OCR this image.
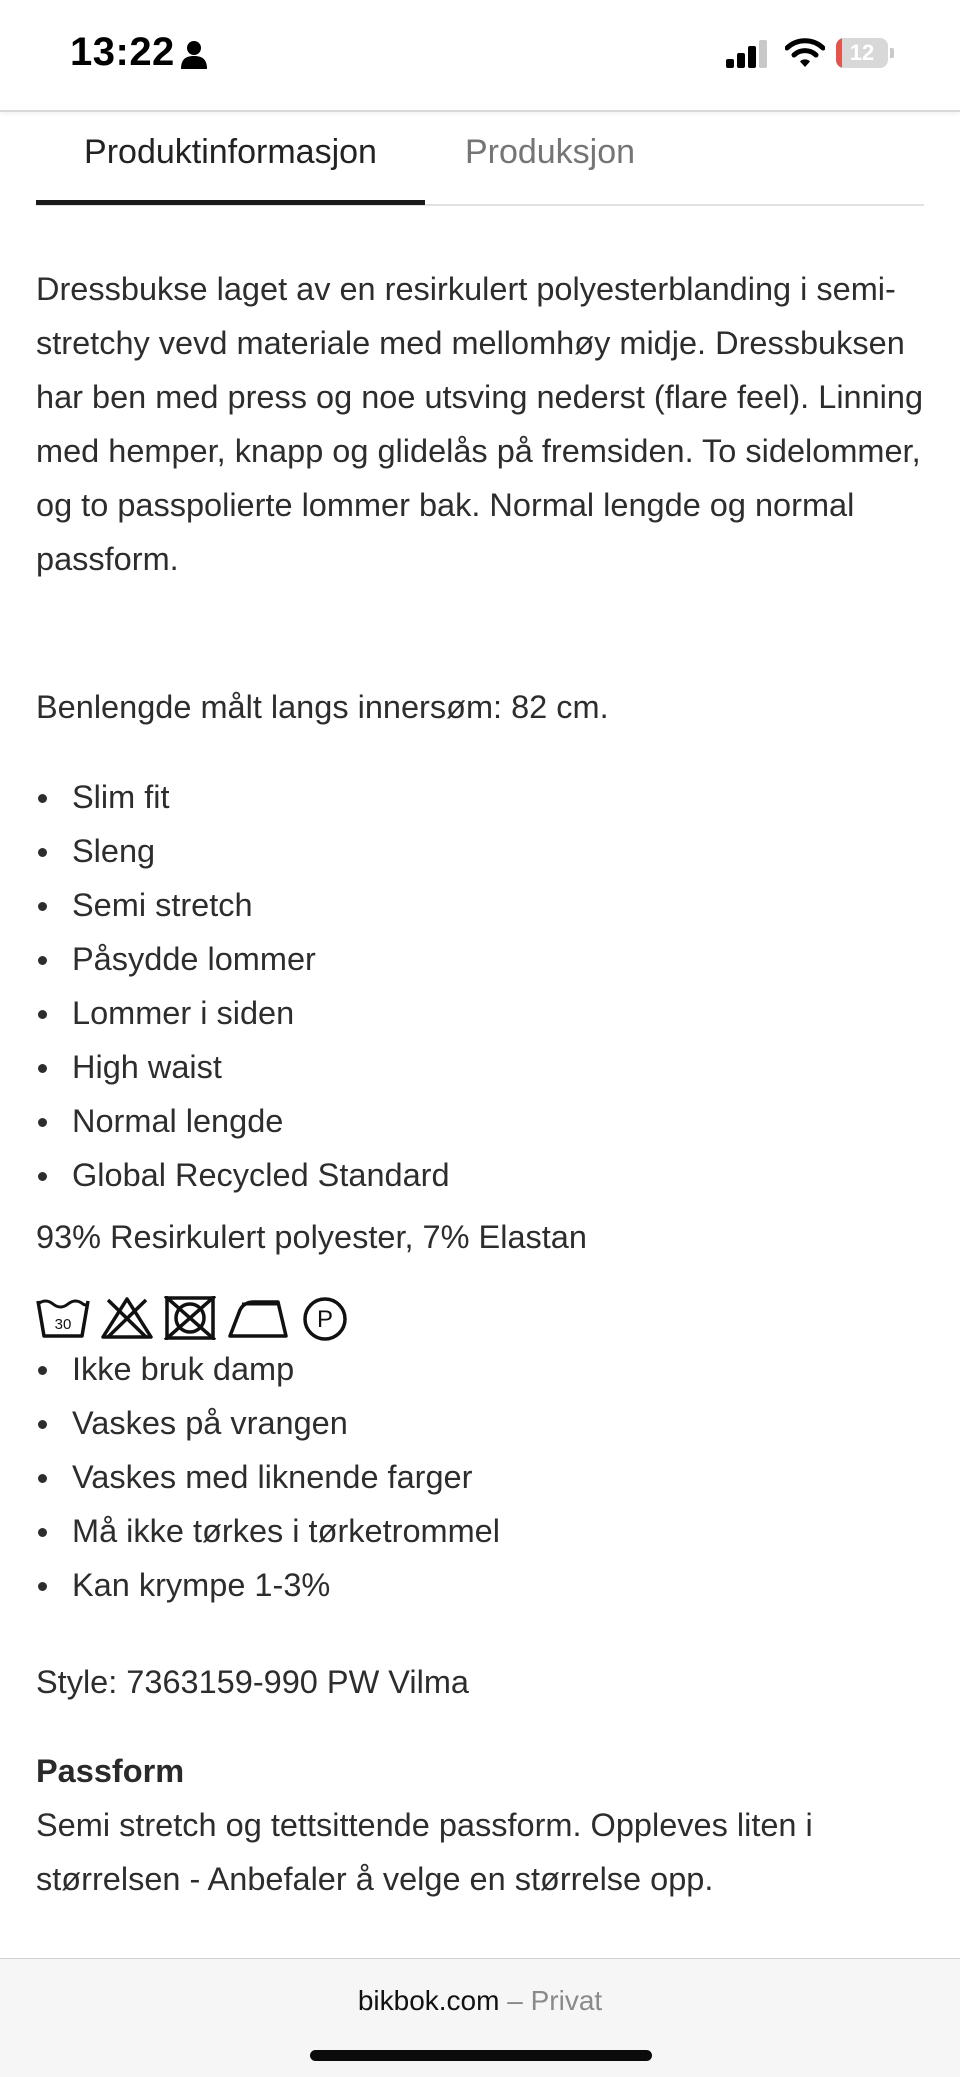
13:22	12
Produktinformasjon	Produksjon

Dressbukse laget av en resirkulert polyesterblanding i semi-stretchy vevd materiale med mellomhøy midje. Dressbuksen har ben med press og noe utsving nederst (flare feel). Linning med hemper, knapp og glidelås på fremsiden. To sidelommer, og to passpolierte lommer bak. Normal lengde og normal passform.

Benlengde målt langs innersøm: 82 cm.

Slim fit
Sleng
Semi stretch
Påsydde lommer
Lommer i siden
High waist
Normal lengde
Global Recycled Standard

93% Resirkulert polyester, 7% Elastan

30	P
Ikke bruk damp
Vaskes på vrangen
Vaskes med liknende farger
Må ikke tørkes i tørketrommel
Kan krympe 1-3%

Style: 7363159-990 PW Vilma

Passform

Semi stretch og tettsittende passform. Oppleves liten i størrelsen - Anbefaler å velge en størrelse opp.

bikbok.com – Privat
